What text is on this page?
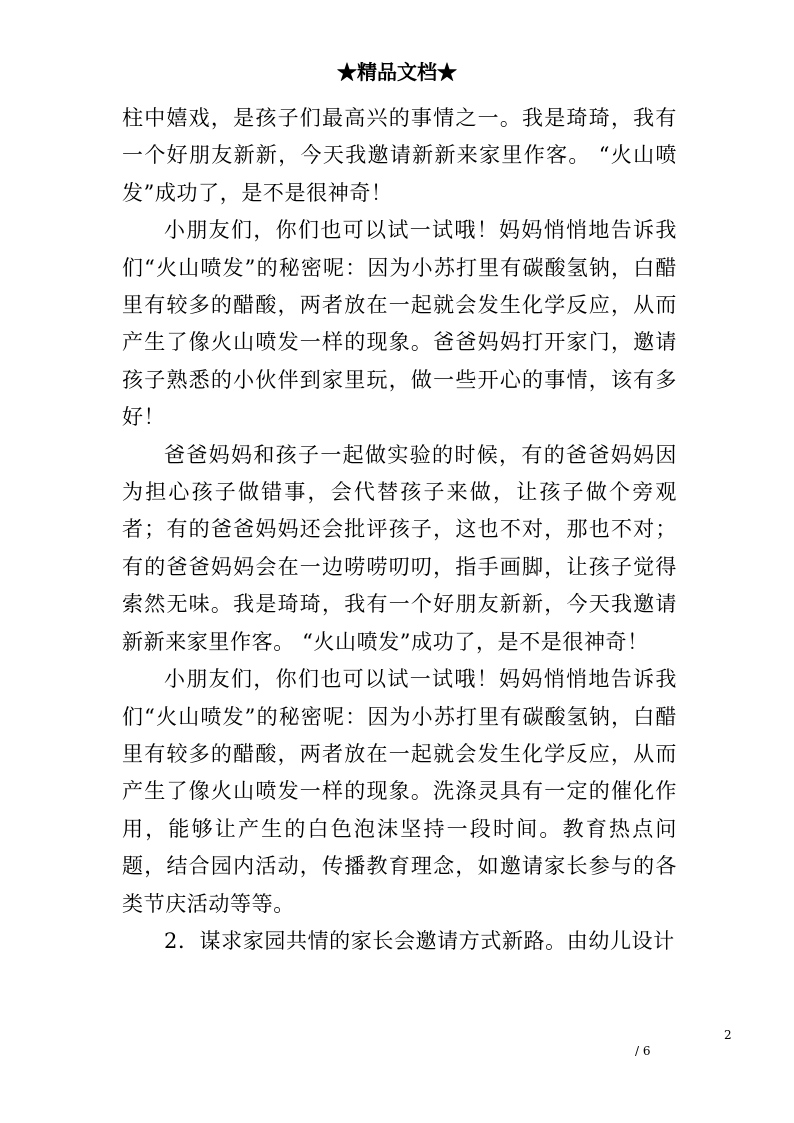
★精品文档★

柱中嬉戏，是孩子们最高兴的事情之一。我是琦琦，我有一个好朋友新新，今天我邀请新新来家里作客。 “火山喷发”成功了，是不是很神奇！

小朋友们，你们也可以试一试哦！妈妈悄悄地告诉我们“火山喷发”的秘密呢：因为小苏打里有碳酸氢钠，白醋里有较多的醋酸，两者放在一起就会发生化学反应，从而产生了像火山喷发一样的现象。爸爸妈妈打开家门，邀请孩子熟悉的小伙伴到家里玩，做一些开心的事情，该有多好！

爸爸妈妈和孩子一起做实验的时候，有的爸爸妈妈因为担心孩子做错事，会代替孩子来做，让孩子做个旁观者；有的爸爸妈妈还会批评孩子，这也不对，那也不对；有的爸爸妈妈会在一边唠唠叨叨，指手画脚，让孩子觉得索然无味。我是琦琦，我有一个好朋友新新，今天我邀请新新来家里作客。 “火山喷发”成功了，是不是很神奇！

小朋友们，你们也可以试一试哦！妈妈悄悄地告诉我们“火山喷发”的秘密呢：因为小苏打里有碳酸氢钠，白醋里有较多的醋酸，两者放在一起就会发生化学反应，从而产生了像火山喷发一样的现象。洗涤灵具有一定的催化作用，能够让产生的白色泡沫坚持一段时间。教育热点问题，结合园内活动，传播教育理念，如邀请家长参与的各类节庆活动等等。

2．谋求家园共情的家长会邀请方式新路。由幼儿设计

2
/ 6
